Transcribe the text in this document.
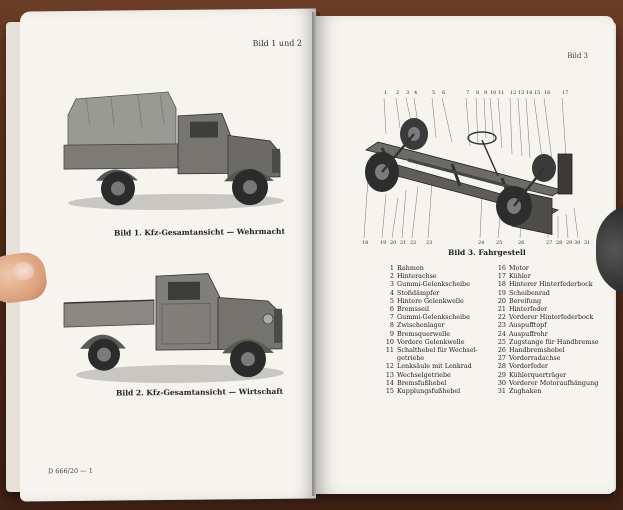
Bild 1 und 2
Bild 1. Kfz-Gesamtansicht — Wehrmacht
Bild 2. Kfz-Gesamtansicht — Wirtschaft
D 666/20 — 1
Bild 3
1 2 3 4	5 6	7 8 9 10 11 12 13 14 15 16 17
18 19 20 21 22 23	24 25	26	27 28 29 30 31
Bild 3. Fahrgestell
1 Rahmen
2 Hinterachse
3 Gummi-Gelenkscheibe
4 Stoßdämpfer
5 Hintere Gelenkwelle
6 Bremsseil
7 Gummi-Gelenkscheibe
8 Zwischenlager
9 Bremsquerwelle
10 Vordere Gelenkwelle
11 Schalthebel für Wechsel-
getriebe
12 Lenksäule mit Lenkrad
13 Wechselgetriebe
14 Bremsfußhebel
15 Kupplungsfußhebel
16 Motor
17 Kühler
18 Hinterer Hinterfederbock
19 Scheibenrad
20 Bereifung
21 Hinterfeder
22 Vorderer Hinterfederbock
23 Auspufftopf
24 Auspuffrohr
25 Zugstange für Handbremse
26 Handbremshebel
27 Vorderradachse
28 Vorderfeder
29 Kühlerquerträger
30 Vorderer Motoraufhängung
31 Zughaken
